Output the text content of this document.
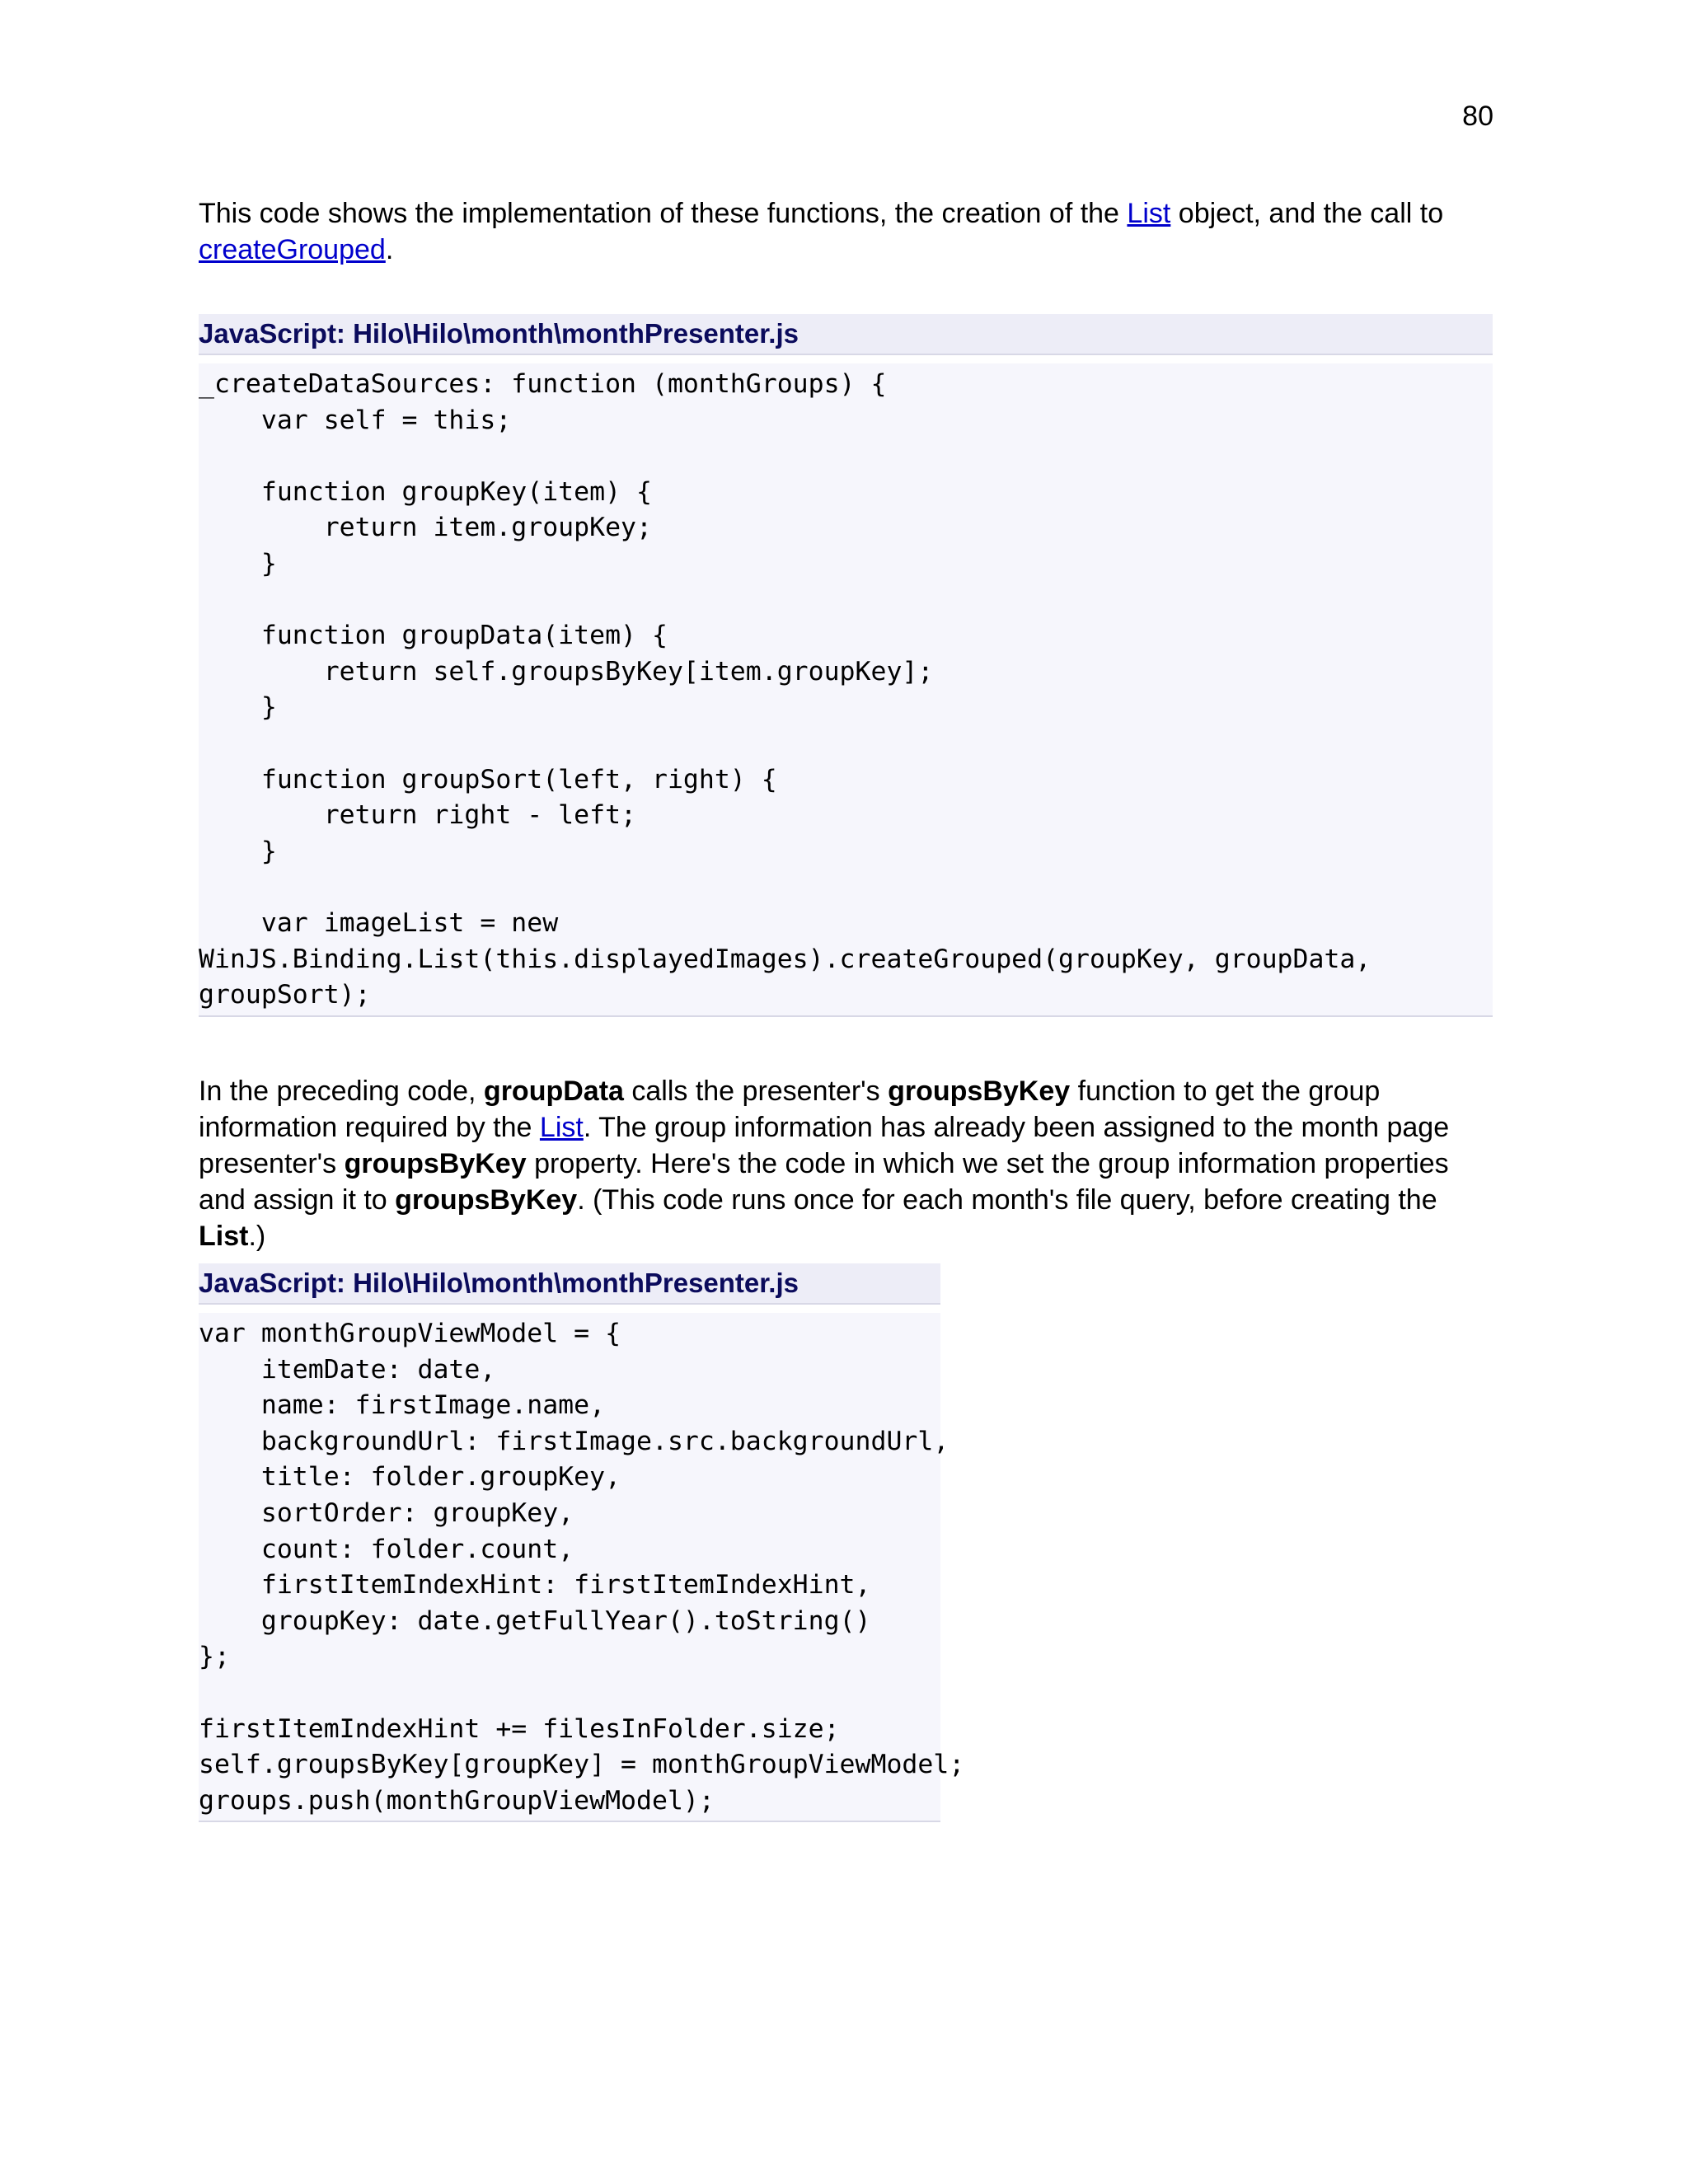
80

This code shows the implementation of these functions, the creation of the List object, and the call to createGrouped.

JavaScript: Hilo\Hilo\month\monthPresenter.js
_createDataSources: function (monthGroups) {
var self = this;

function groupKey(item) {
return item.groupKey;
}

function groupData(item) {
return self.groupsByKey[item.groupKey];
}

function groupSort(left, right) {
return right - left;
}

var imageList = new
WinJS.Binding.List(this.displayedImages).createGrouped(groupKey, groupData,
groupSort);

In the preceding code, groupData calls the presenter's groupsByKey function to get the group information required by the List. The group information has already been assigned to the month page presenter's groupsByKey property. Here's the code in which we set the group information properties and assign it to groupsByKey. (This code runs once for each month's file query, before creating the List.)

JavaScript: Hilo\Hilo\month\monthPresenter.js
var monthGroupViewModel = {
itemDate: date,
name: firstImage.name,
backgroundUrl: firstImage.src.backgroundUrl,
title: folder.groupKey,
sortOrder: groupKey,
count: folder.count,
firstItemIndexHint: firstItemIndexHint,
groupKey: date.getFullYear().toString()
};

firstItemIndexHint += filesInFolder.size;
self.groupsByKey[groupKey] = monthGroupViewModel;
groups.push(monthGroupViewModel);
